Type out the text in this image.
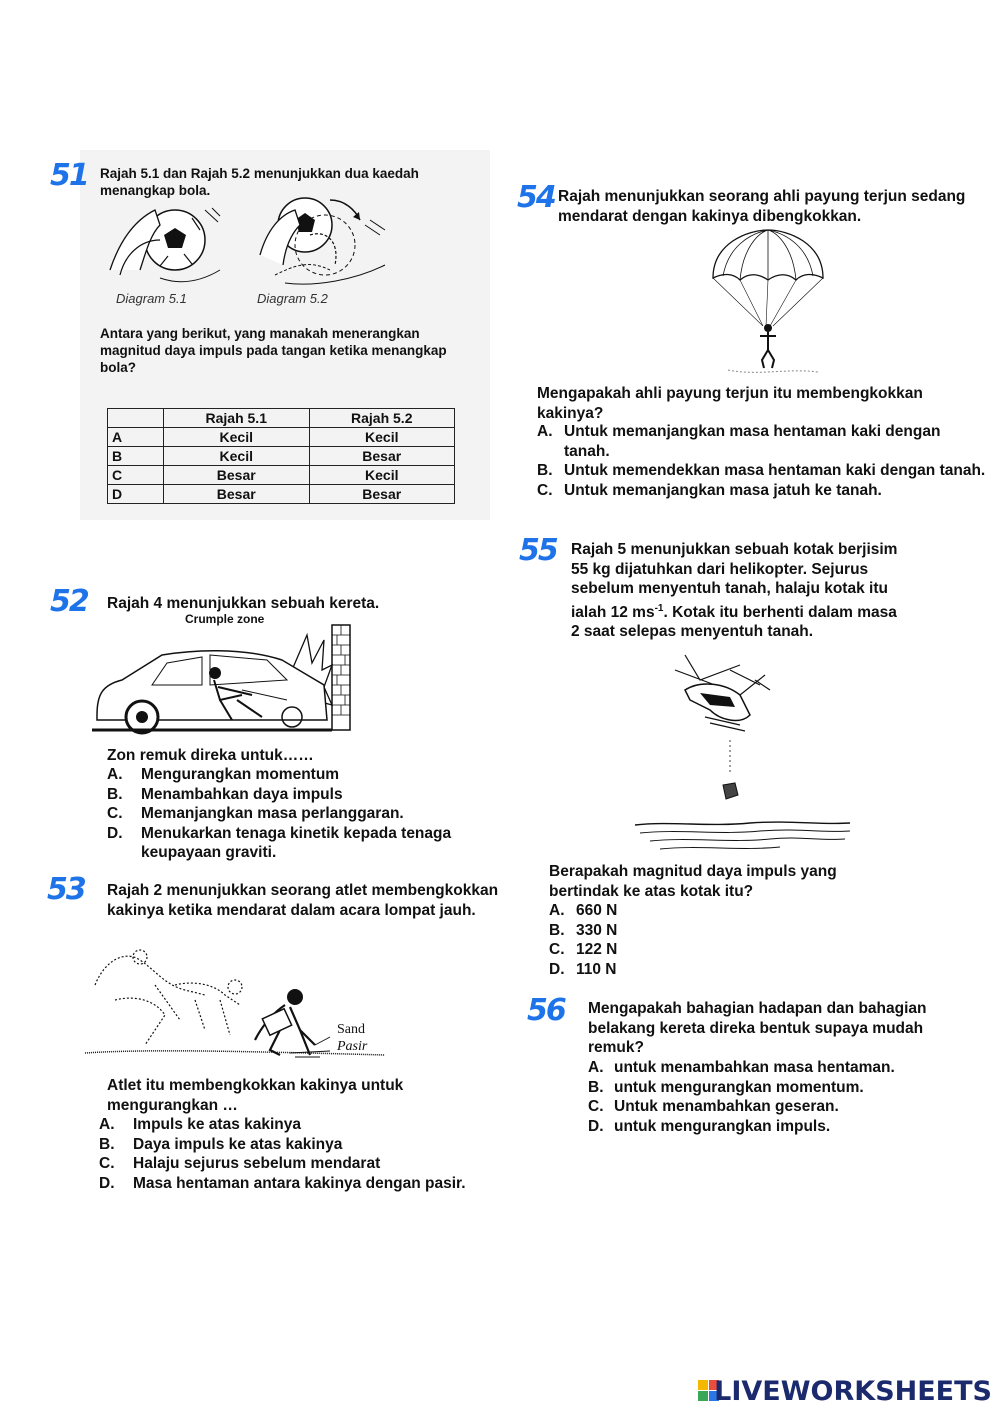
51 Rajah 5.1 dan Rajah 5.2 menunjukkan dua kaedah menangkap bola.
Diagram 5.1	Diagram 5.2
Antara yang berikut, yang manakah menerangkan magnitud daya impuls pada tangan ketika menangkap bola?
	Rajah 5.1	Rajah 5.2
A	Kecil	Kecil
B	Kecil	Besar
C	Besar	Kecil
D	Besar	Besar
52 Rajah 4 menunjukkan sebuah kereta.
Crumple zone
Zon remuk direka untuk……
A.	Mengurangkan momentum
B.	Menambahkan daya impuls
C.	Memanjangkan masa perlanggaran.
D.	Menukarkan tenaga kinetik kepada tenaga keupayaan graviti.
53 Rajah 2 menunjukkan seorang atlet membengkokkan kakinya ketika mendarat dalam acara lompat jauh.
Sand
Pasir
Atlet itu membengkokkan kakinya untuk mengurangkan …
A.	Impuls ke atas kakinya
B.	Daya impuls ke atas kakinya
C.	Halaju sejurus sebelum mendarat
D.	Masa hentaman antara kakinya dengan pasir.
54 Rajah menunjukkan seorang ahli payung terjun sedang mendarat dengan kakinya dibengkokkan.
Mengapakah ahli payung terjun itu membengkokkan kakinya?
A. Untuk memanjangkan masa hentaman kaki dengan tanah.
B. Untuk memendekkan masa hentaman kaki dengan tanah.
C. Untuk memanjangkan masa jatuh ke tanah.
55 Rajah 5 menunjukkan sebuah kotak berjisim
55 kg dijatuhkan dari helikopter. Sejurus
sebelum menyentuh tanah, halaju kotak itu
ialah 12 $ms^{-1}$. Kotak itu berhenti dalam masa
2 saat selepas menyentuh tanah.
Berapakah magnitud daya impuls yang bertindak ke atas kotak itu?
A. 660 N
B. 330 N
C. 122 N
D. 110 N
56 Mengapakah bahagian hadapan dan bahagian belakang kereta direka bentuk supaya mudah remuk?
A. untuk menambahkan masa hentaman.
B. untuk mengurangkan momentum.
C. Untuk menambahkan geseran.
D. untuk mengurangkan impuls.
LIVEWORKSHEETS
